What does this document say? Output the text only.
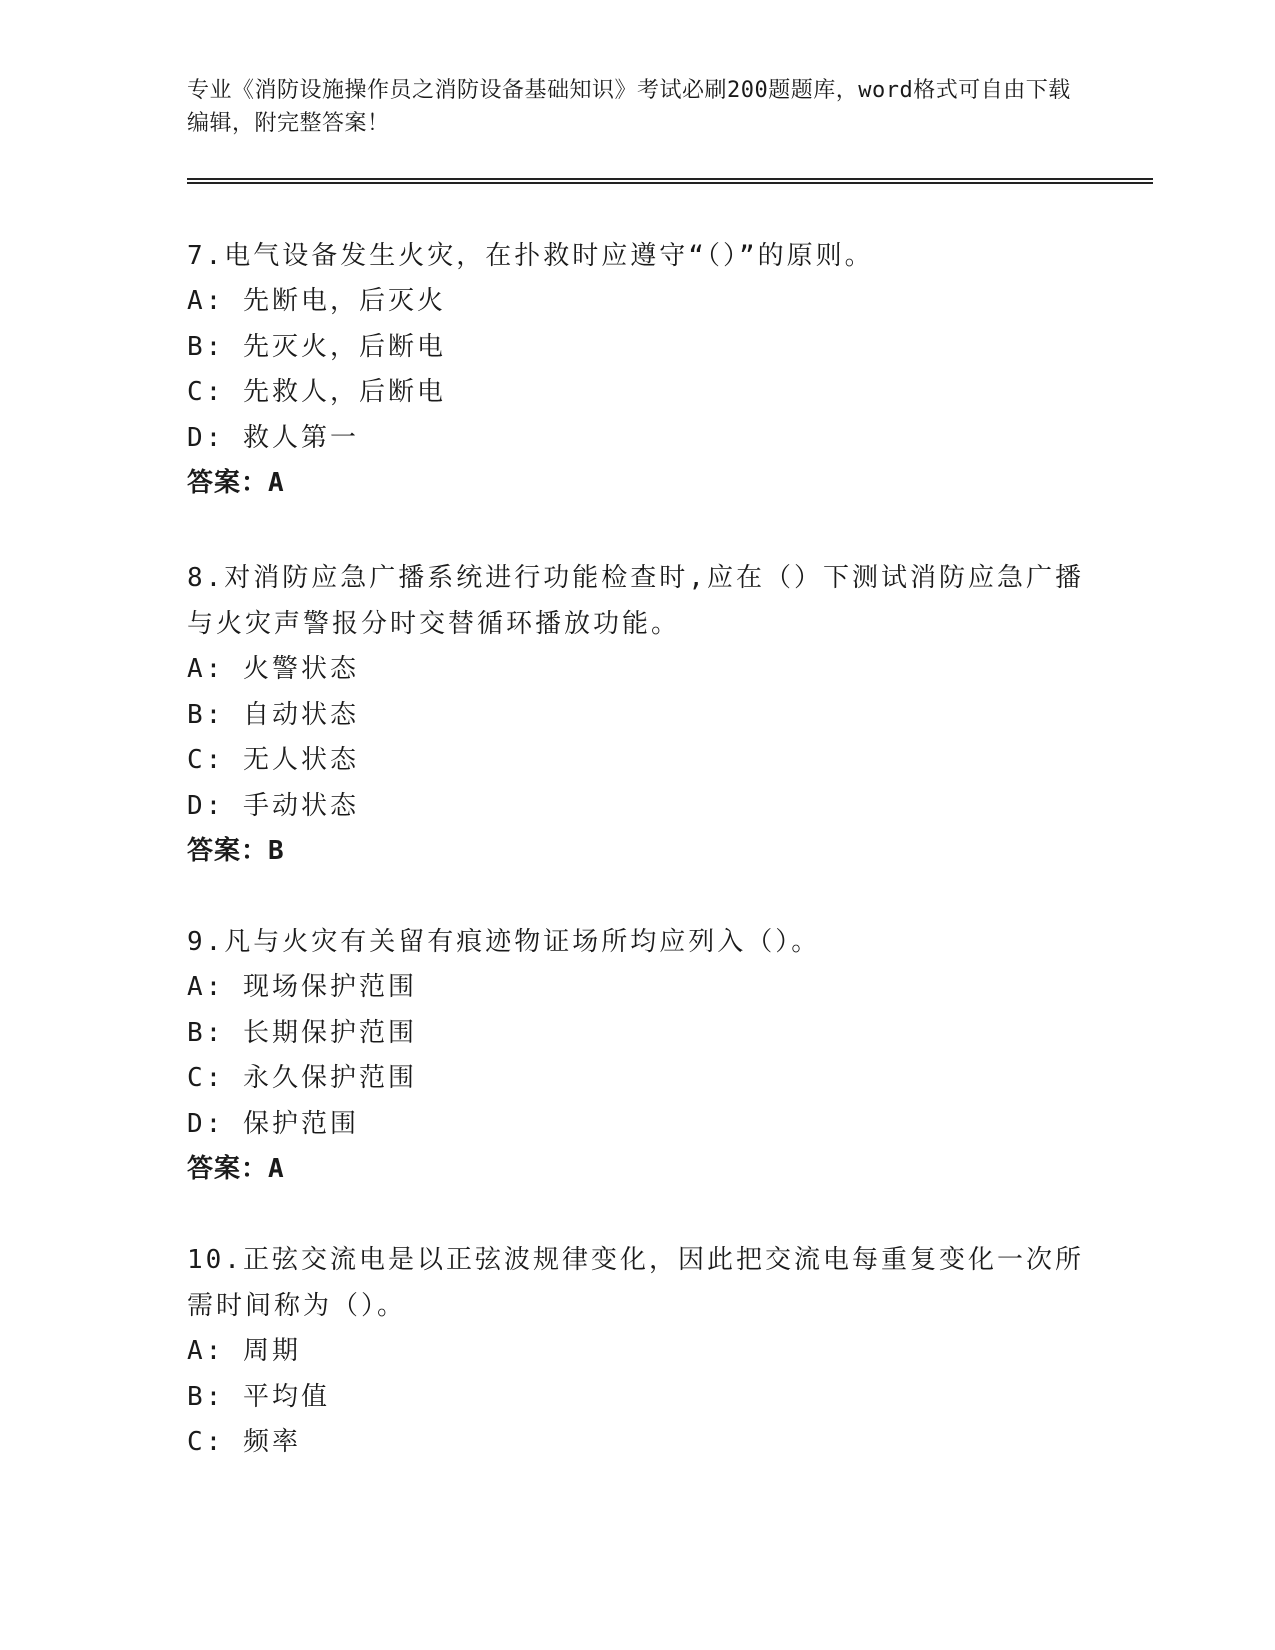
专业《消防设施操作员之消防设备基础知识》考试必刷200题题库，word格式可自由下载编辑，附完整答案！

7.电气设备发生火灾，在扑救时应遵守“（）”的原则。

A: 先断电，后灭火

B: 先灭火，后断电

C: 先救人，后断电

D: 救人第一

答案：A

8.对消防应急广播系统进行功能检查时,应在（）下测试消防应急广播与火灾声警报分时交替循环播放功能。

A: 火警状态

B: 自动状态

C: 无人状态

D: 手动状态

答案：B

9.凡与火灾有关留有痕迹物证场所均应列入（）。

A: 现场保护范围

B: 长期保护范围

C: 永久保护范围

D: 保护范围

答案：A

10.正弦交流电是以正弦波规律变化，因此把交流电每重复变化一次所需时间称为（）。

A: 周期

B: 平均值

C: 频率
